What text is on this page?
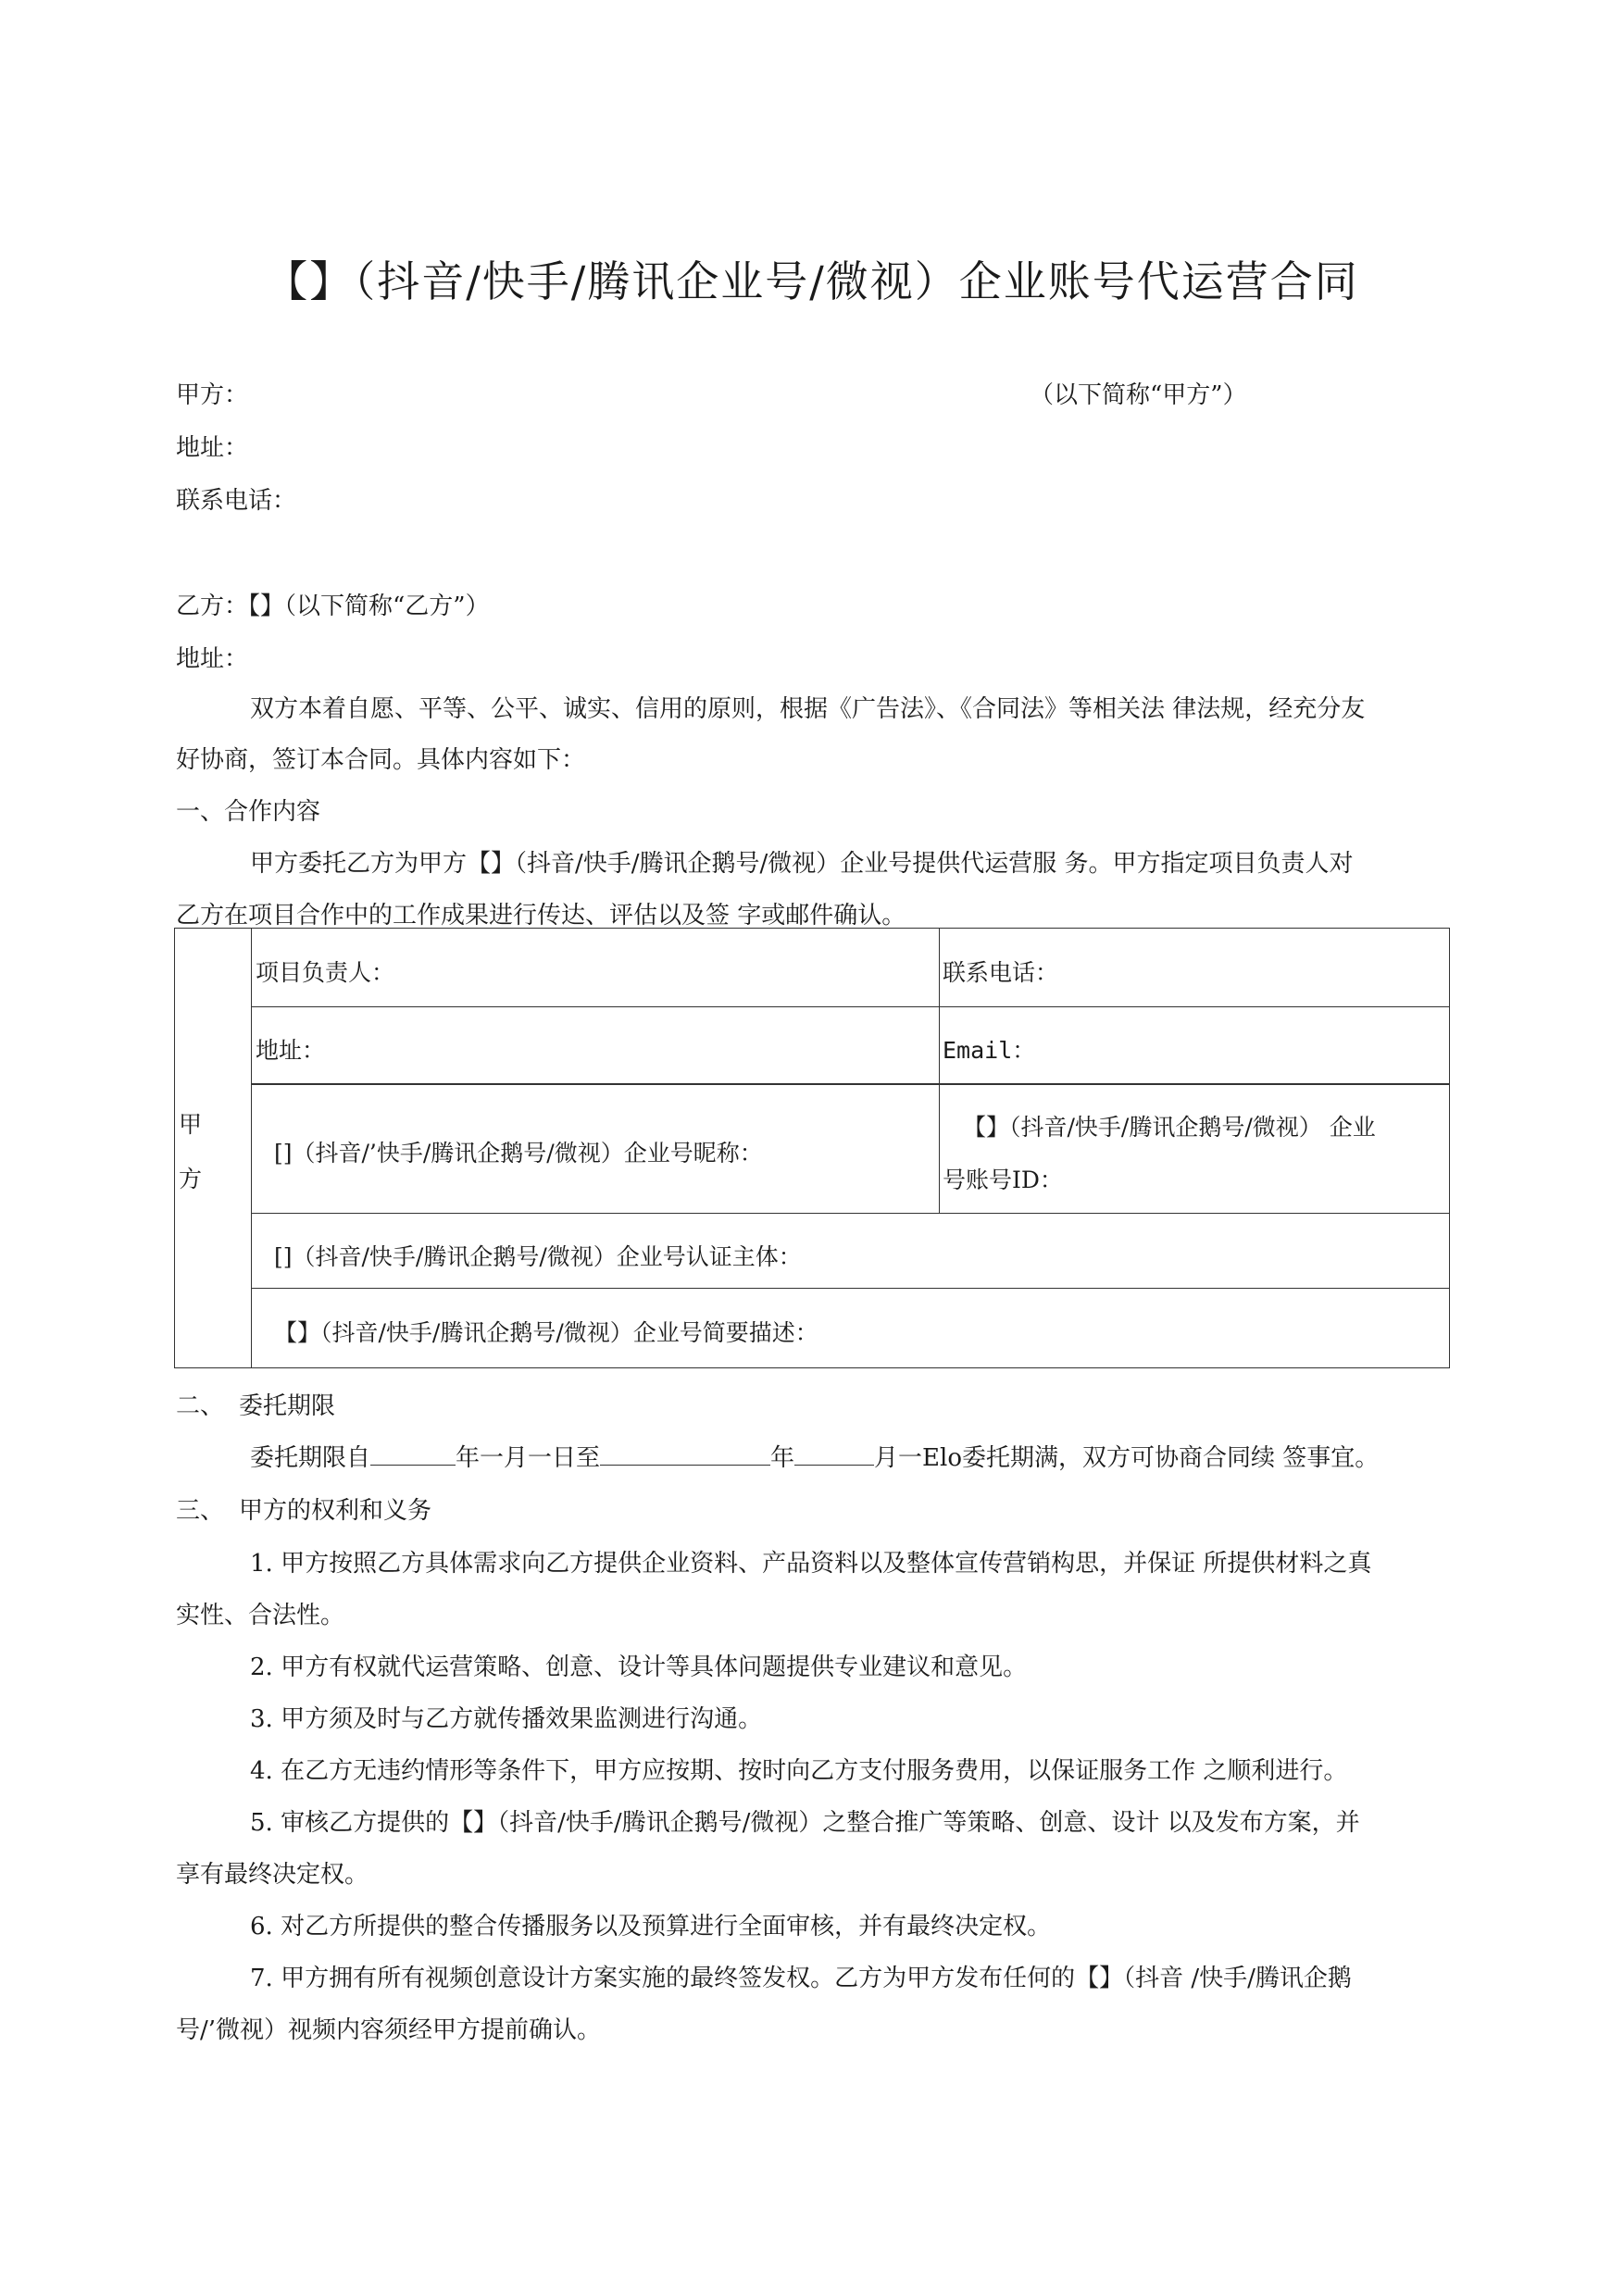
【】（抖音/快手/腾讯企业号/微视）企业账号代运营合同
甲方：	（以下简称“甲方”）
地址：
联系电话：
乙方：【】（以下简称“乙方”）
地址：
双方本着自愿、平等、公平、诚实、信用的原则，根据《广告法》、《合同法》等相关法 律法规，经充分友
好协商，签订本合同。具体内容如下：
一、合作内容
甲方委托乙方为甲方【】（抖音/快手/腾讯企鹅号/微视）企业号提供代运营服 务。甲方指定项目负责人对
乙方在项目合作中的工作成果进行传达、评估以及签 字或邮件确认。
甲
方
项目负责人：	联系电话：
地址：	Email：
[]（抖音/’快手/腾讯企鹅号/微视）企业号昵称：
【】（抖音/快手/腾讯企鹅号/微视） 企业
号账号ID：
[]（抖音/快手/腾讯企鹅号/微视）企业号认证主体：
【】（抖音/快手/腾讯企鹅号/微视）企业号简要描述：
二、 委托期限
委托期限自	年一月一日至	年	月一Elo委托期满，双方可协商合同续 签事宜。
三、 甲方的权利和义务
1. 甲方按照乙方具体需求向乙方提供企业资料、产品资料以及整体宣传营销构思，并保证 所提供材料之真
实性、合法性。
2. 甲方有权就代运营策略、创意、设计等具体问题提供专业建议和意见。
3. 甲方须及时与乙方就传播效果监测进行沟通。
4. 在乙方无违约情形等条件下，甲方应按期、按时向乙方支付服务费用，以保证服务工作 之顺利进行。
5. 审核乙方提供的【】（抖音/快手/腾讯企鹅号/微视）之整合推广等策略、创意、设计 以及发布方案，并
享有最终决定权。
6. 对乙方所提供的整合传播服务以及预算进行全面审核，并有最终决定权。
7. 甲方拥有所有视频创意设计方案实施的最终签发权。乙方为甲方发布任何的【】（抖音 /快手/腾讯企鹅
号/’微视）视频内容须经甲方提前确认。
